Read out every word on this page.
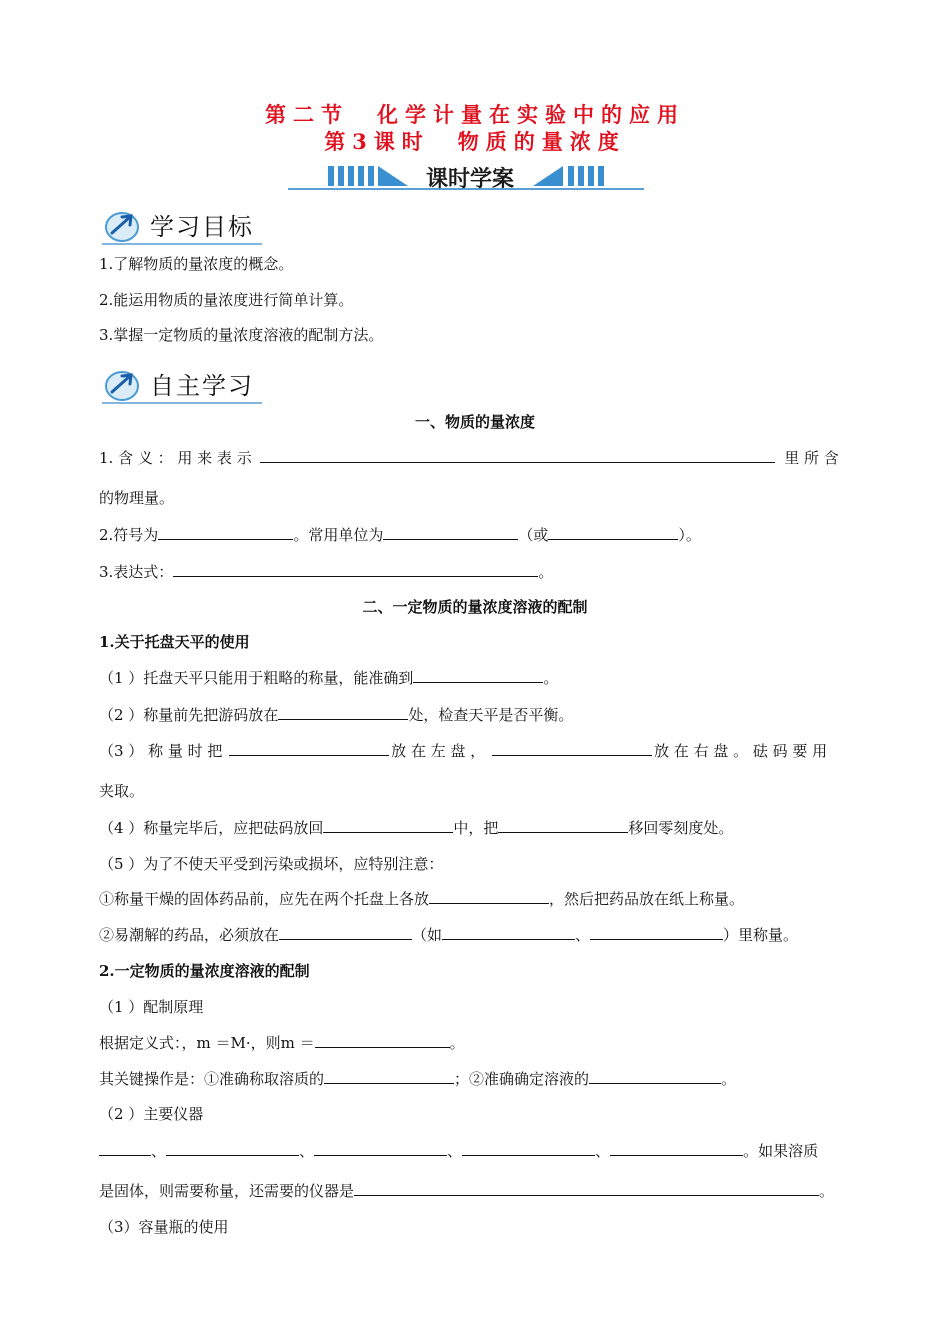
第二节　化学计量在实验中的应用
第3课时　物质的量浓度
课时学案
学习目标
1.了解物质的量浓度的概念。
2.能运用物质的量浓度进行简单计算。
3.掌握一定物质的量浓度溶液的配制方法。
自主学习
一、物质的量浓度
1. 含 义 ： 用 来 表 示	里 所 含
的物理量。
2.符号为	。常用单位为	（或	）。
3.表达式：	。
二、一定物质的量浓度溶液的配制
1.关于托盘天平的使用
（1 ）托盘天平只能用于粗略的称量，能准确到	。
（2 ）称量前先把游码放在	处，检查天平是否平衡。
（3 ） 称 量 时 把	放 在 左 盘 ，	放 在 右 盘 。 砝 码 要 用
夹取。
（4 ）称量完毕后，应把砝码放回	中，把	移回零刻度处。
（5 ）为了不使天平受到污染或损坏，应特别注意：
①称量干燥的固体药品前，应先在两个托盘上各放	，然后把药品放在纸上称量。
②易潮解的药品，必须放在	（如	、	）里称量。
2.一定物质的量浓度溶液的配制
（1 ）配制原理
根据定义式：，m ＝M·，则m ＝	。
其关键操作是：①准确称取溶质的	；②准确确定溶液的	。
（2 ）主要仪器
、	、	、	、	。如果溶质
是固体，则需要称量，还需要的仪器是	。
（3）容量瓶的使用
